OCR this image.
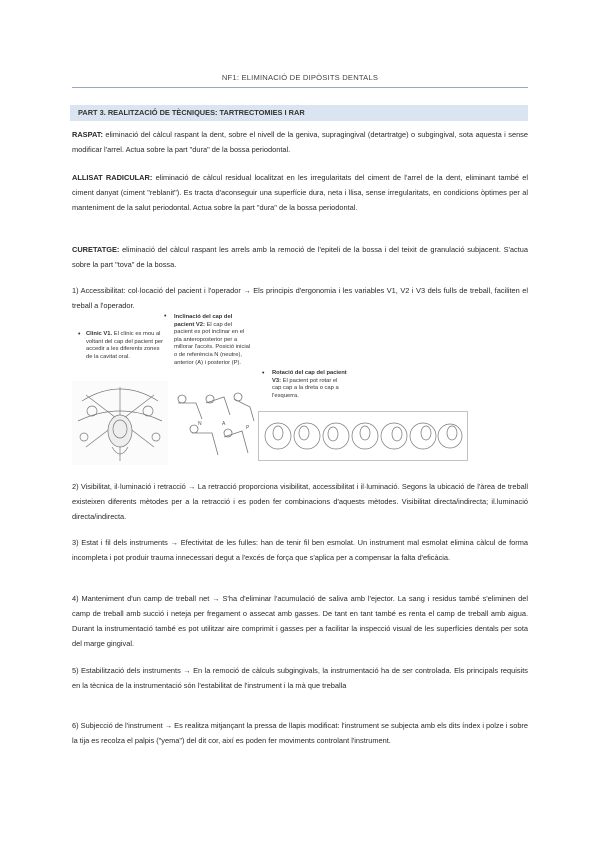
NF1: ELIMINACIÓ DE DIPÒSITS DENTALS
PART 3. REALITZACIÓ DE TÈCNIQUES: TARTRECTOMIES I RAR

RASPAT: eliminació del càlcul raspant la dent, sobre el nivell de la geniva, supragingival (detartratge) o subgingival, sota aquesta i sense modificar l'arrel. Actua sobre la part "dura" de la bossa periodontal.

ALLISAT RADICULAR: eliminació de càlcul residual localitzat en les irregularitats del ciment de l'arrel de la dent, eliminant també el ciment danyat (ciment "reblanit"). Es tracta d'aconseguir una superfície dura, neta i llisa, sense irregularitats, en condicions òptimes per al manteniment de la salut periodontal. Actua sobre la part "dura" de la bossa periodontal.

CURETATGE: eliminació del càlcul raspant les arrels amb la remoció de l'epiteli de la bossa i del teixit de granulació subjacent. S'actua sobre la part "tova" de la bossa.

1) Accessibilitat: col·locació del pacient i l'operador → Els principis d'ergonomia i les variables V1, V2 i V3 dels fulls de treball, faciliten el treball a l'operador.

• Clinic V1. El clínic es mou al voltant del cap del pacient per accedir a les diferents zones de la cavitat oral.
• Inclinació del cap del pacient V2: El cap del pacient es pot inclinar en el pla anteroposterior per a millorar l'accés. Posició inicial o de referència N (neutre), anterior (A) i posterior (P).
• Rotació del cap del pacient V3: El pacient pot rotar el cap cap a la dreta o cap a l'esquerra.
N	A
P

2) Visibilitat, il·luminació i retracció → La retracció proporciona visibilitat, accessibilitat i il·luminació. Segons la ubicació de l'àrea de treball existeixen diferents mètodes per a la retracció i es poden fer combinacions d'aquests mètodes. Visibilitat directa/indirecta; il.luminació directa/indirecta.

3) Estat i fil dels instruments → Efectivitat de les fulles: han de tenir fil ben esmolat. Un instrument mal esmolat elimina càlcul de forma incompleta i pot produir trauma innecessari degut a l'excés de força que s'aplica per a compensar la falta d'eficàcia.

4) Manteniment d'un camp de treball net → S'ha d'eliminar l'acumulació de saliva amb l'ejector. La sang i residus també s'eliminen del camp de treball amb succió i neteja per fregament o assecat amb gasses. De tant en tant també es renta el camp de treball amb aigua. Durant la instrumentació també es pot utilitzar aire comprimit i gasses per a facilitar la inspecció visual de les superfícies dentals per sota del marge gingival.

5) Estabilització dels instruments → En la remoció de càlculs subgingivals, la instrumentació ha de ser controlada. Els principals requisits en la tècnica de la instrumentació són l'estabilitat de l'instrument i la mà que treballa

6) Subjecció de l'instrument → Es realitza mitjançant la pressa de llapis modificat: l'instrument se subjecta amb els dits índex i polze i sobre la tija es recolza el palpis ("yema") del dit cor, així es poden fer moviments controlant l'instrument.
